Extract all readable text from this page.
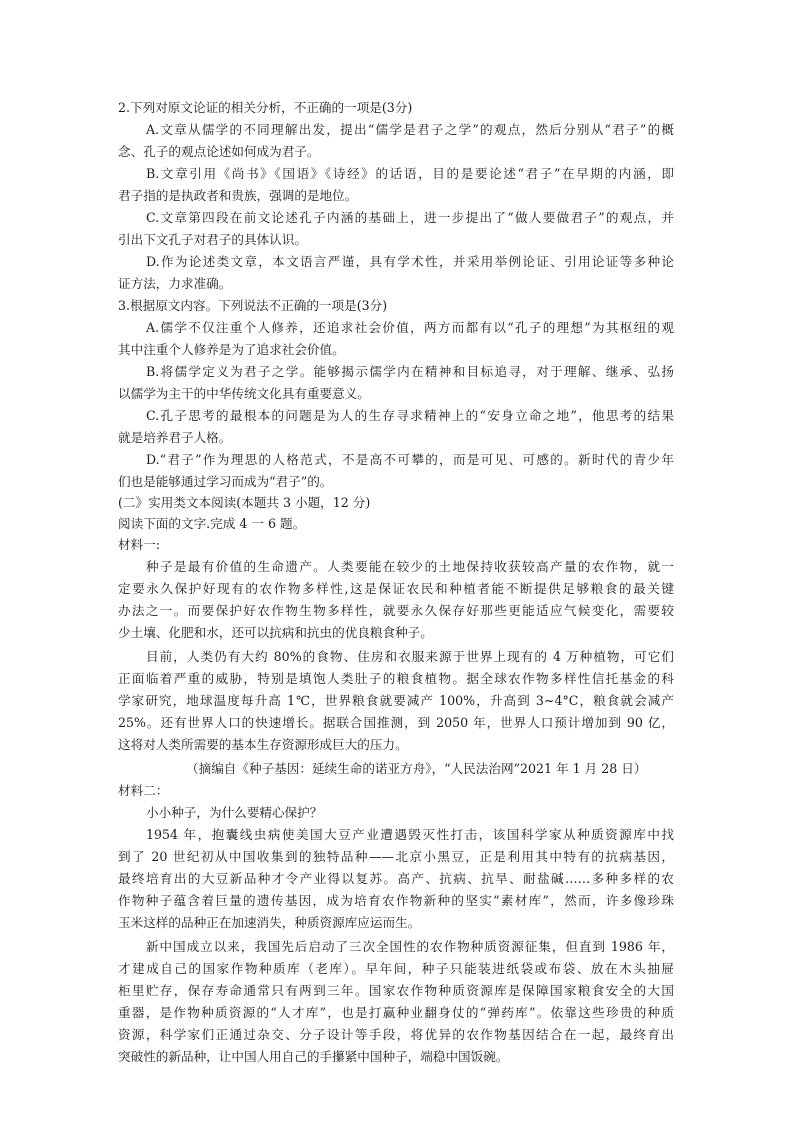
2.下列对原文论证的相关分析，不正确的一项是(3分)
A.文章从儒学的不同理解出发，提出“儒学是君子之学”的观点，然后分别从“君子”的概
念、孔子的观点论述如何成为君子。
B.文章引用《尚书》《国语》《诗经》的话语，目的是要论述“君子”在早期的内涵，即
君子指的是执政者和贵族，强调的是地位。
C.文章第四段在前文论述孔子内涵的基础上，进一步提出了“做人要做君子”的观点，并
引出下文孔子对君子的具体认识。
D.作为论述类文章，本文语言严谨，具有学术性，并采用举例论证、引用论证等多种论
证方法，力求准确。
3.根据原文内容。下列说法不正确的一项是(3分)
A.儒学不仅注重个人修养，还追求社会价值，两方而都有以“孔子的理想”为其枢纽的观
其中注重个人修养是为了追求社会价值。
B.将儒学定义为君子之学。能够揭示儒学内在精神和目标追寻，对于理解、继承、弘扬
以儒学为主干的中华传统文化具有重要意义。
C.孔子思考的最根本的问题是为人的生存寻求精神上的“安身立命之地”，他思考的结果
就是培养君子人格。
D.“君子”作为理思的人格范式，不是高不可攀的，而是可见、可感的。新时代的青少年
们也是能够通过学习而成为“君子”的。
(二》实用类文本阅读(本题共 3 小題，12 分)
阅读下面的文字.完成 4 一 6 题。
材料一:
种子是最有价值的生命遗产。人类要能在较少的土地保持收获较高产量的农作物，就一
定要永久保护好现有的农作物多样性,这是保证农民和种植者能不断提供足够粮食的最关键
办法之一。而要保护好农作物生物多样性，就要永久保存好那些更能适应气候变化，需要较
少土壤、化肥和水，还可以抗病和抗虫的优良粮食种子。
目前，人类仍有大约 80%的食物、住房和衣服来源于世界上现有的 4 万种植物，可它们
正面临着严重的威胁，特别是填饱人类肚子的粮食植物。据全球农作物多样性信托基金的科
学家研究，地球温度每升高 1℃，世界粮食就要减产 100%，升高到 3~4°C，粮食就会减产
25%。还有世界人口的快速增长。据联合国推测，到 2050 年，世界人口预计增加到 90 亿，
这将对人类所需要的基本生存资源形成巨大的压力。
（摘编自《种子基因：延续生命的诺亚方舟》，“人民法治网”2021 年 1 月 28 日）
材料二：
小小种子，为什么要精心保护？
1954 年，抱囊线虫病使美国大豆产业遭遇毁灭性打击，该国科学家从种质资源库中找
到了 20 世纪初从中国收集到的独特品种——北京小黑豆，正是利用其中特有的抗病基因，
最终培育出的大豆新品种才令产业得以复苏。高产、抗病、抗旱、耐盐碱……多种多样的农
作物种子蕴含着巨量的遗传基因，成为培育农作物新种的坚实“素材库”，然而，许多像珍珠
玉米这样的品种正在加速消失，种质资源库应运而生。
新中国成立以来，我国先后启动了三次全国性的农作物种质资源征集，但直到 1986 年，
才建成自己的国家作物种质库（老库）。早年间，种子只能装进纸袋或布袋、放在木头抽屉
柜里贮存，保存寿命通常只有两到三年。国家农作物种质资源库是保障国家粮食安全的大国
重器，是作物种质资源的“人才库”，也是打赢种业翻身仗的“弹药库”。依靠这些珍贵的种质
资源，科学家们正通过杂交、分子设计等手段，将优异的农作物基因结合在一起，最终育出
突破性的新品种，让中国人用自己的手攥紧中国种子，端稳中国饭碗。
